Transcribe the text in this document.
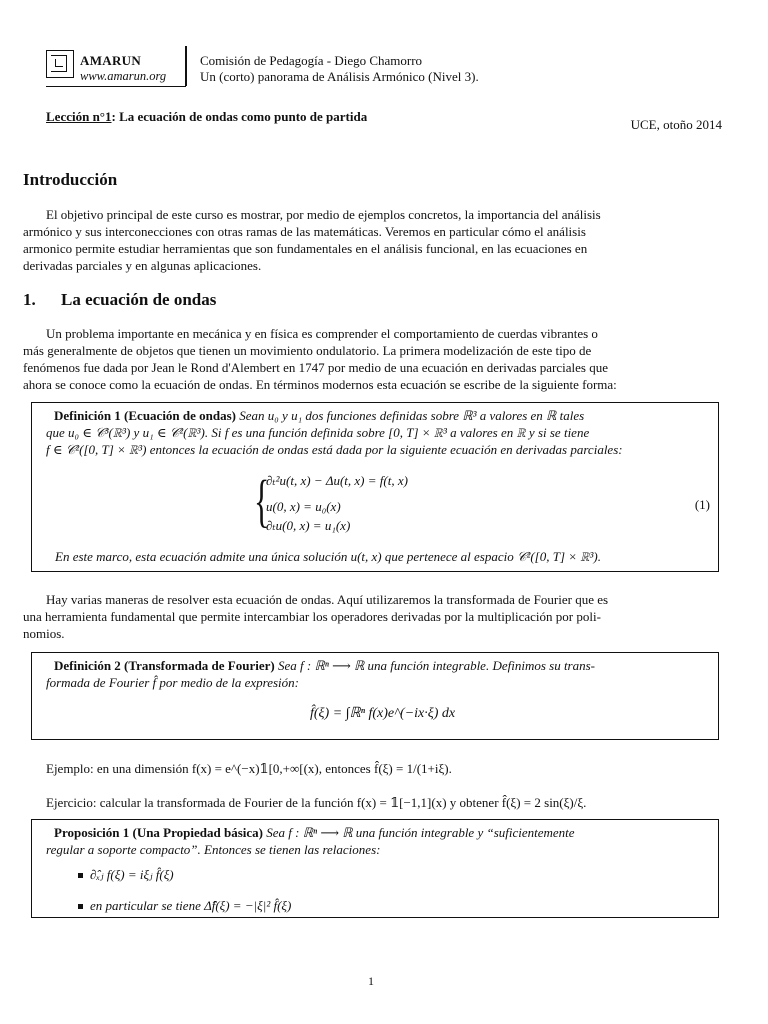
AMARUN
www.amarun.org
Comisión de Pedagogía - Diego Chamorro
Un (corto) panorama de Análisis Armónico (Nivel 3).
Lección n°1: La ecuación de ondas como punto de partida
UCE, otoño 2014
Introducción
El objetivo principal de este curso es mostrar, por medio de ejemplos concretos, la importancia del análisis
armónico y sus interconecciones con otras ramas de las matemáticas. Veremos en particular cómo el análisis
armonico permite estudiar herramientas que son fundamentales en el análisis funcional, en las ecuaciones en
derivadas parciales y en algunas aplicaciones.
1. La ecuación de ondas
Un problema importante en mecánica y en física es comprender el comportamiento de cuerdas vibrantes o
más generalmente de objetos que tienen un movimiento ondulatorio. La primera modelización de este tipo de
fenómenos fue dada por Jean le Rond d'Alembert en 1747 por medio de una ecuación en derivadas parciales que
ahora se conoce como la ecuación de ondas. En términos modernos esta ecuación se escribe de la siguiente forma:
Definición 1 (Ecuación de ondas) Sean u₀ y u₁ dos funciones definidas sobre ℝ³ a valores en ℝ tales
que u₀ ∈ 𝒞³(ℝ³) y u₁ ∈ 𝒞²(ℝ³). Si f es una función definida sobre [0, T] × ℝ³ a valores en ℝ y si se tiene
f ∈ 𝒞²([0, T] × ℝ³) entonces la ecuación de ondas está dada por la siguiente ecuación en derivadas parciales:
{
∂ₜ²u(t, x) − Δu(t, x) = f(t, x)
u(0, x) = u₀(x)
∂ₜu(0, x) = u₁(x)
(1)
En este marco, esta ecuación admite una única solución u(t, x) que pertenece al espacio 𝒞²([0, T] × ℝ³).
Hay varias maneras de resolver esta ecuación de ondas. Aquí utilizaremos la transformada de Fourier que es
una herramienta fundamental que permite intercambiar los operadores derivadas por la multiplicación por poli-
nomios.
Definición 2 (Transformada de Fourier) Sea f : ℝⁿ ⟶ ℝ una función integrable. Definimos su trans-
formada de Fourier f̂ por medio de la expresión:
f̂(ξ) = ∫ℝⁿ f(x)e^(−ix·ξ) dx
Ejemplo: en una dimensión f(x) = e^(−x)𝟙[0,+∞[(x), entonces f̂(ξ) = 1/(1+iξ).
Ejercicio: calcular la transformada de Fourier de la función f(x) = 𝟙[−1,1](x) y obtener f̂(ξ) = 2 sin(ξ)/ξ.
Proposición 1 (Una Propiedad básica) Sea f : ℝⁿ ⟶ ℝ una función integrable y “suficientemente
regular a soporte compacto”. Entonces se tienen las relaciones:
∂̂ₓⱼ f(ξ) = iξⱼ f̂(ξ)
en particular se tiene Δ̂f(ξ) = −|ξ|² f̂(ξ)
1
